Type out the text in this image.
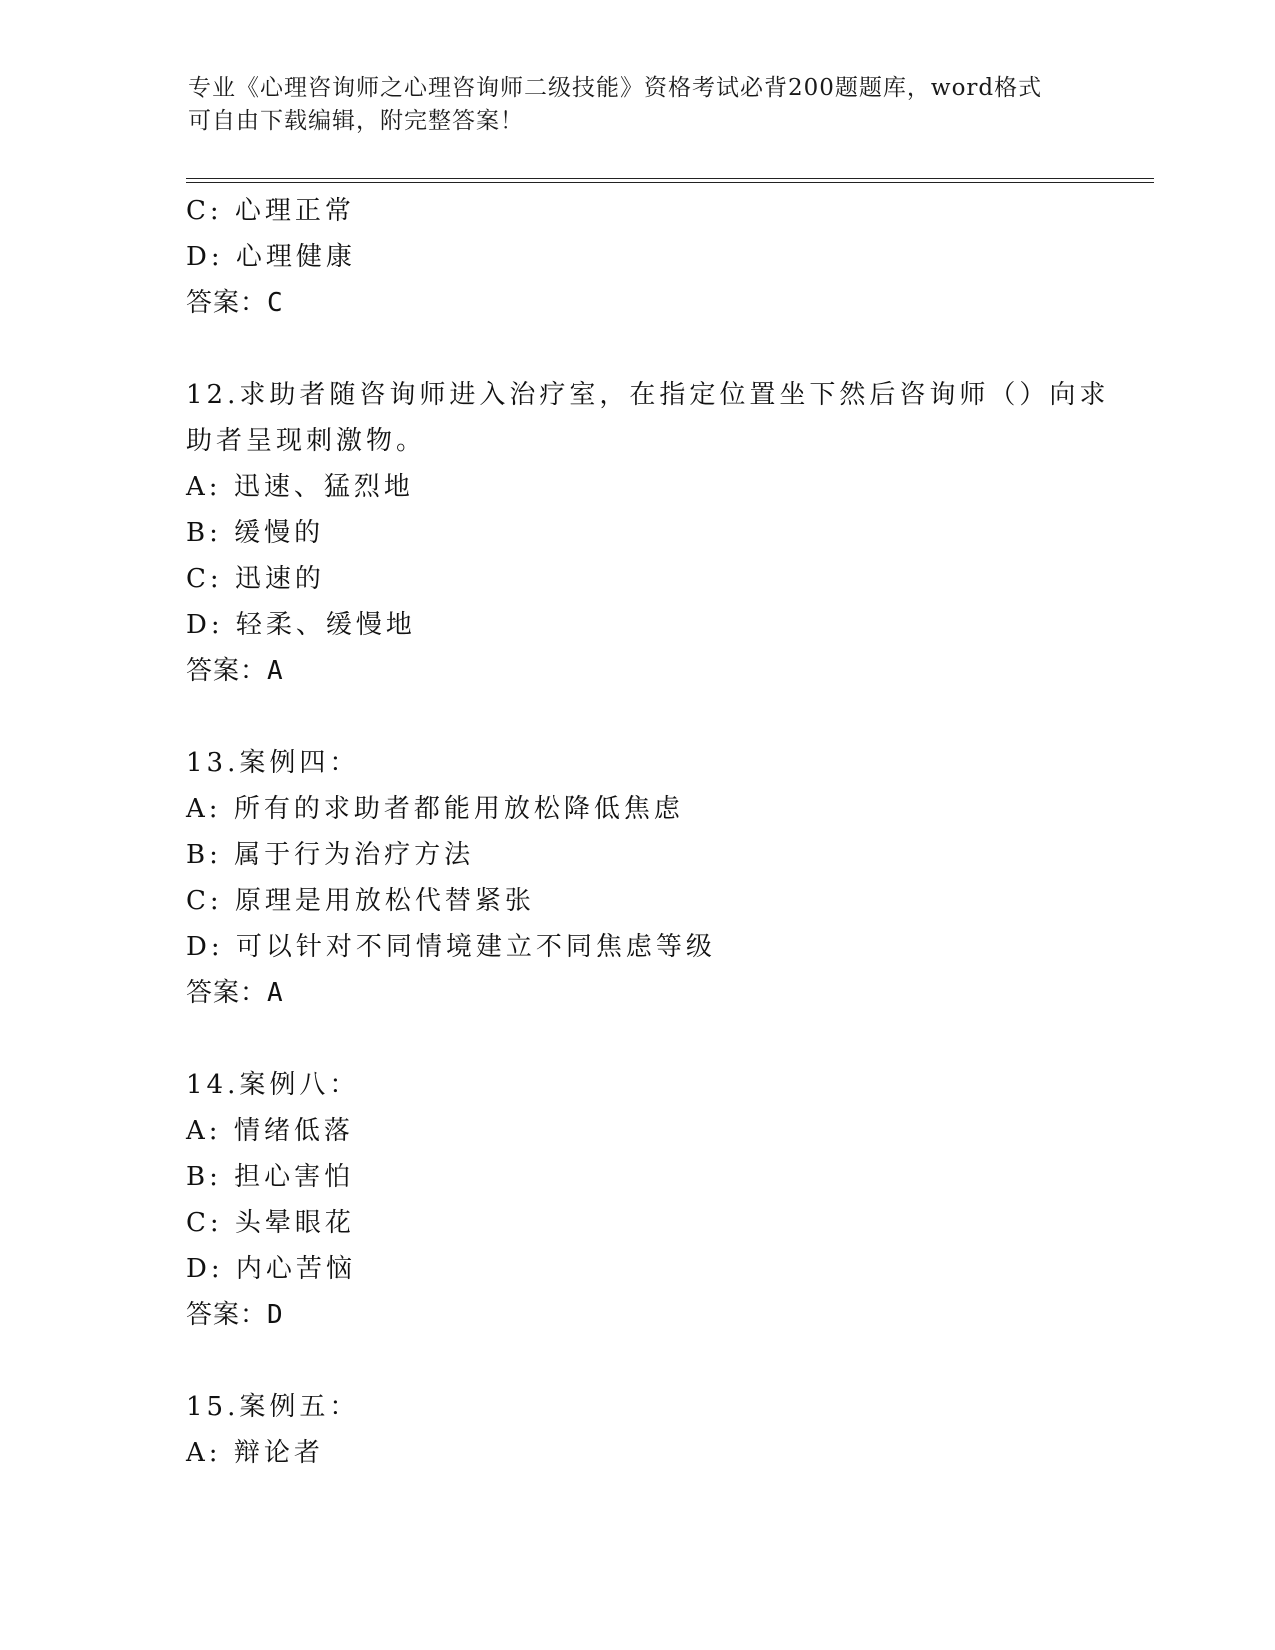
专业《心理咨询师之心理咨询师二级技能》资格考试必背200题题库，word格式

可自由下载编辑，附完整答案！

C: 心理正常
D: 心理健康
答案：C
12.求助者随咨询师进入治疗室，在指定位置坐下然后咨询师（）向求
助者呈现刺激物。
A: 迅速、猛烈地
B: 缓慢的
C: 迅速的
D: 轻柔、缓慢地
答案：A
13.案例四：
A: 所有的求助者都能用放松降低焦虑
B: 属于行为治疗方法
C: 原理是用放松代替紧张
D: 可以针对不同情境建立不同焦虑等级
答案：A
14.案例八：
A: 情绪低落
B: 担心害怕
C: 头晕眼花
D: 内心苦恼
答案：D
15.案例五：
A: 辩论者
